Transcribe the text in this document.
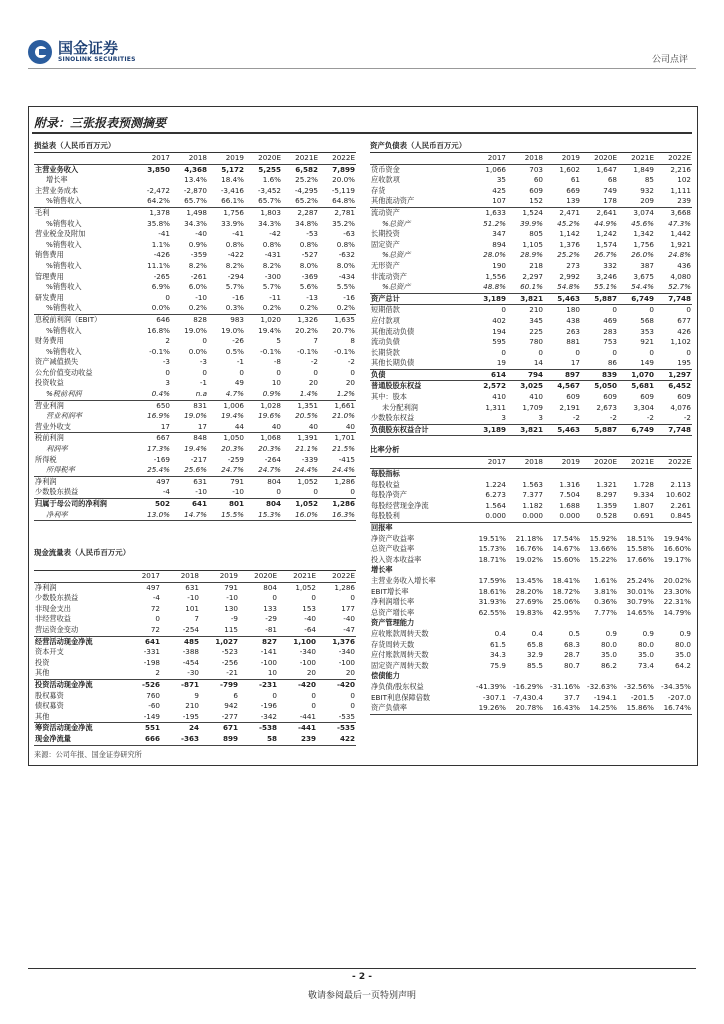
国金证券
SINOLINK SECURITIES	公司点评
附录：三张报表预测摘要
损益表（人民币百万元）
	2017	2018	2019	2020E	2021E	2022E
主营业务收入	3,850	4,368	5,172	5,255	6,582	7,899
增长率		13.4%	18.4%	1.6%	25.2%	20.0%
主营业务成本	-2,472	-2,870	-3,416	-3,452	-4,295	-5,119
%销售收入	64.2%	65.7%	66.1%	65.7%	65.2%	64.8%
毛利	1,378	1,498	1,756	1,803	2,287	2,781
%销售收入	35.8%	34.3%	33.9%	34.3%	34.8%	35.2%
营业税金及附加	-41	-40	-41	-42	-53	-63
%销售收入	1.1%	0.9%	0.8%	0.8%	0.8%	0.8%
销售费用	-426	-359	-422	-431	-527	-632
%销售收入	11.1%	8.2%	8.2%	8.2%	8.0%	8.0%
管理费用	-265	-261	-294	-300	-369	-434
%销售收入	6.9%	6.0%	5.7%	5.7%	5.6%	5.5%
研发费用	0	-10	-16	-11	-13	-16
%销售收入	0.0%	0.2%	0.3%	0.2%	0.2%	0.2%
息税前利润（EBIT）	646	828	983	1,020	1,326	1,635
%销售收入	16.8%	19.0%	19.0%	19.4%	20.2%	20.7%
财务费用	2	0	-26	5	7	8
%销售收入	-0.1%	0.0%	0.5%	-0.1%	-0.1%	-0.1%
资产减值损失	-3	-3	-1	-8	-2	-2
公允价值变动收益	0	0	0	0	0	0
投资收益	3	-1	49	10	20	20
%税前利润	0.4%	n.a	4.7%	0.9%	1.4%	1.2%
营业利润	650	831	1,006	1,028	1,351	1,661
营业利润率	16.9%	19.0%	19.4%	19.6%	20.5%	21.0%
营业外收支	17	17	44	40	40	40
税前利润	667	848	1,050	1,068	1,391	1,701
利润率	17.3%	19.4%	20.3%	20.3%	21.1%	21.5%
所得税	-169	-217	-259	-264	-339	-415
所得税率	25.4%	25.6%	24.7%	24.7%	24.4%	24.4%
净利润	497	631	791	804	1,052	1,286
少数股东损益	-4	-10	-10	0	0	0
归属于母公司的净利润	502	641	801	804	1,052	1,286
净利率	13.0%	14.7%	15.5%	15.3%	16.0%	16.3%
资产负债表（人民币百万元）
	2017	2018	2019	2020E	2021E	2022E
货币资金	1,066	703	1,602	1,647	1,849	2,216
应收款项	35	60	61	68	85	102
存货	425	609	669	749	932	1,111
其他流动资产	107	152	139	178	209	239
流动资产	1,633	1,524	2,471	2,641	3,074	3,668
%总资产	51.2%	39.9%	45.2%	44.9%	45.6%	47.3%
长期投资	347	805	1,142	1,242	1,342	1,442
固定资产	894	1,105	1,376	1,574	1,756	1,921
%总资产	28.0%	28.9%	25.2%	26.7%	26.0%	24.8%
无形资产	190	218	273	332	387	436
非流动资产	1,556	2,297	2,992	3,246	3,675	4,080
%总资产	48.8%	60.1%	54.8%	55.1%	54.4%	52.7%
资产总计	3,189	3,821	5,463	5,887	6,749	7,748
短期借款	0	210	180	0	0	0
应付款项	402	345	438	469	568	677
其他流动负债	194	225	263	283	353	426
流动负债	595	780	881	753	921	1,102
长期贷款	0	0	0	0	0	0
其他长期负债	19	14	17	86	149	195
负债	614	794	897	839	1,070	1,297
普通股股东权益	2,572	3,025	4,567	5,050	5,681	6,452
其中：股本	410	410	609	609	609	609
未分配利润	1,311	1,709	2,191	2,673	3,304	4,076
少数股东权益	3	3	-2	-2	-2	-2
负债股东权益合计	3,189	3,821	5,463	5,887	6,749	7,748
比率分析
	2017	2018	2019	2020E	2021E	2022E
每股指标						
每股收益	1.224	1.563	1.316	1.321	1.728	2.113
每股净资产	6.273	7.377	7.504	8.297	9.334	10.602
每股经营现金净流	1.564	1.182	1.688	1.359	1.807	2.261
每股股利	0.000	0.000	0.000	0.528	0.691	0.845
回报率						
净资产收益率	19.51%	21.18%	17.54%	15.92%	18.51%	19.94%
总资产收益率	15.73%	16.76%	14.67%	13.66%	15.58%	16.60%
投入资本收益率	18.71%	19.02%	15.60%	15.22%	17.66%	19.17%
增长率						
主营业务收入增长率	17.59%	13.45%	18.41%	1.61%	25.24%	20.02%
EBIT增长率	18.61%	28.20%	18.72%	3.81%	30.01%	23.30%
净利润增长率	31.93%	27.69%	25.06%	0.36%	30.79%	22.31%
总资产增长率	62.55%	19.83%	42.95%	7.77%	14.65%	14.79%
资产管理能力						
应收账款周转天数	0.4	0.4	0.5	0.9	0.9	0.9
存货周转天数	61.5	65.8	68.3	80.0	80.0	80.0
应付账款周转天数	34.3	32.9	28.7	35.0	35.0	35.0
固定资产周转天数	75.9	85.5	80.7	86.2	73.4	64.2
偿债能力						
净负债/股东权益	-41.39%	-16.29%	-31.16%	-32.63%	-32.56%	-34.35%
EBIT利息保障倍数	-307.1	-7,430.4	37.7	-194.1	-201.5	-207.0
资产负债率	19.26%	20.78%	16.43%	14.25%	15.86%	16.74%
现金流量表（人民币百万元）
	2017	2018	2019	2020E	2021E	2022E
净利润	497	631	791	804	1,052	1,286
少数股东损益	-4	-10	-10	0	0	0
非现金支出	72	101	130	133	153	177
非经营收益	0	7	-9	-29	-40	-40
营运资金变动	72	-254	115	-81	-64	-47
经营活动现金净流	641	485	1,027	827	1,100	1,376
资本开支	-331	-388	-523	-141	-340	-340
投资	-198	-454	-256	-100	-100	-100
其他	2	-30	-21	10	20	20
投资活动现金净流	-526	-871	-799	-231	-420	-420
股权募资	760	9	6	0	0	0
债权募资	-60	210	942	-196	0	0
其他	-149	-195	-277	-342	-441	-535
筹资活动现金净流	551	24	671	-538	-441	-535
现金净流量	666	-363	899	58	239	422
来源：公司年报、国金证券研究所
- 2 -
敬请参阅最后一页特别声明
